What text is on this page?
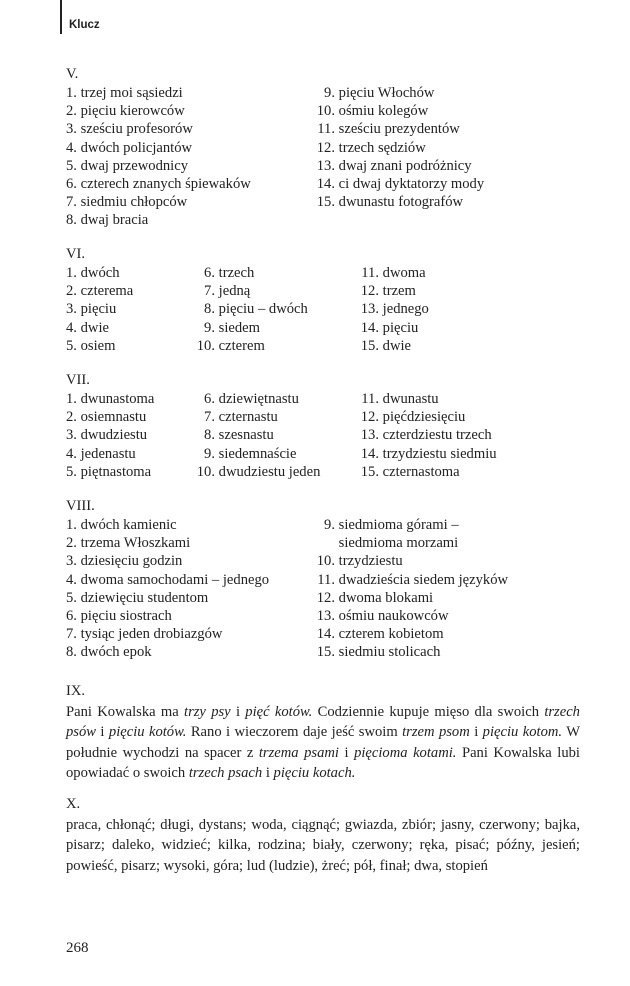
Klucz
V.
1. trzej moi sąsiedzi
2. pięciu kierowców
3. sześciu profesorów
4. dwóch policjantów
5. dwaj przewodnicy
6. czterech znanych śpiewaków
7. siedmiu chłopców
8. dwaj bracia
9. pięciu Włochów
10. ośmiu kolegów
11. sześciu prezydentów
12. trzech sędziów
13. dwaj znani podróżnicy
14. ci dwaj dyktatorzy mody
15. dwunastu fotografów
VI.
1. dwóch
2. czterema
3. pięciu
4. dwie
5. osiem
6. trzech
7. jedną
8. pięciu – dwóch
9. siedem
10. czterem
11. dwoma
12. trzem
13. jednego
14. pięciu
15. dwie
VII.
1. dwunastoma
2. osiemnastu
3. dwudziestu
4. jedenastu
5. piętnastoma
6. dziewiętnastu
7. czternastu
8. szesnastu
9. siedemnaście
10. dwudziestu jeden
11. dwunastu
12. pięćdziesięciu
13. czterdziestu trzech
14. trzydziestu siedmiu
15. czternastoma
VIII.
1. dwóch kamienic
2. trzema Włoszkami
3. dziesięciu godzin
4. dwoma samochodami – jednego
5. dziewięciu studentom
6. pięciu siostrach
7. tysiąc jeden drobiazgów
8. dwóch epok
9. siedmioma górami –
siedmioma morzami
10. trzydziestu
11. dwadzieścia siedem języków
12. dwoma blokami
13. ośmiu naukowców
14. czterem kobietom
15. siedmiu stolicach
IX.
Pani Kowalska ma trzy psy i pięć kotów. Codziennie kupuje mięso dla swoich trzech psów i pięciu kotów. Rano i wieczorem daje jeść swoim trzem psom i pięciu kotom. W południe wychodzi na spacer z trzema psami i pięcioma kotami. Pani Kowalska lubi opowiadać o swoich trzech psach i pięciu kotach.
X.
praca, chłonąć; długi, dystans; woda, ciągnąć; gwiazda, zbiór; jasny, czerwony; bajka, pisarz; daleko, widzieć; kilka, rodzina; biały, czerwony; ręka, pisać; późny, jesień; powieść, pisarz; wysoki, góra; lud (ludzie), żreć; pół, finał; dwa, stopień
268
